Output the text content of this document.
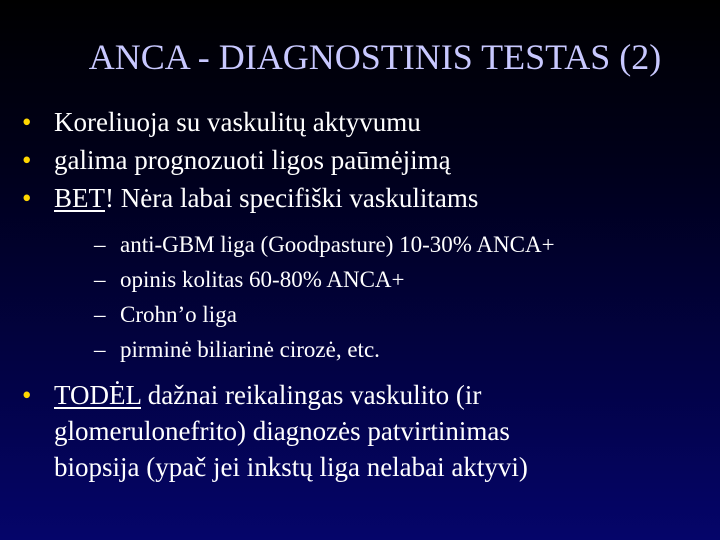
ANCA - DIAGNOSTINIS TESTAS (2)
• Koreliuoja su vaskulitų aktyvumu
• galima prognozuoti ligos paūmėjimą
• BET! Nėra labai specifiški vaskulitams
– anti-GBM liga (Goodpasture) 10-30% ANCA+
– opinis kolitas 60-80% ANCA+
– Crohn’o liga
– pirminė biliarinė cirozė, etc.
• TODĖL dažnai reikalingas vaskulito (ir
glomerulonefrito) diagnozės patvirtinimas
biopsija (ypač jei inkstų liga nelabai aktyvi)
